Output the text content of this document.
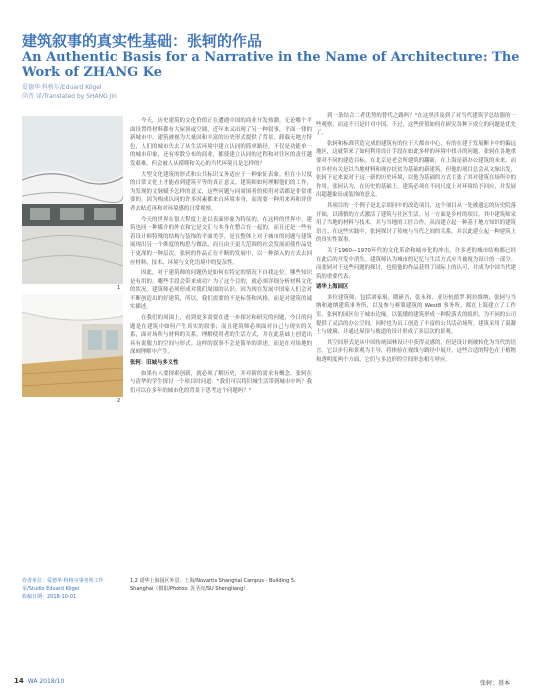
建筑叙事的真实性基础：张轲的作品
An Authentic Basis for a Narrative in the Name of Architecture: The Work of ZHANG Ke
爱德华·科格尔/Eduard Kögel
尚晋 译/Translated by SHANG Jin
1
2

今天，历史建筑的文化价值正在遭遇中国的商业开发热潮。无论哪个平面设置得材料都有大屋顶或空调，近年来又出现了另一种叙事，平面一律的新城市中，建筑被视为大量国和丰富的历史形式提供了背景。卸载无地方特色，人们的城市失去了从生活环境中建立认同的简单路径。不仅是功能单一的城市印象，还有零散分布的商业，都使建立认同的过程和对往区的责任越发艰难。但会被人从摸爬和关心的当代环境且是怎样的？

大型文化建筑的形式和公共标识义务适应于一种象征表象。但在小尺度的日常文化上才能看到建筑平等的真正意义。建筑师如何理解他们的工作，为发现的文脉赋予怎样的意义，这些问题与同周围者的使用对话都是非常重要的。因为构成认同的许多因素都来自环境本身，而需要一种用来再和评价者去贴近再和对环境感的日常观察。

今天的世界在很大程度上是以表面形象为特征的，在这样的世界中，建筑也同一种媒介的外衣和它是交汇与本身在整合在一起的，而且还是一些有着设计师特殊的结构与装饰的平面美学，是在整体上对于城市的问题与建筑展现出另一个维度的构思与做法，而且由于更大范围的社会发展而使作品处于更深的一种层次。张轲的作品正在不断的发展中，以一种深入的方式去回应材料、技术、环境与文化语境中的复杂性。

因此，对于建筑师的问题仍是如何在特定的情况下自我定位。哪些知识是有用的，哪些手段会带来成功？为了这个目的，就必须详细分析材料文化的状况。建筑师必须形成对我们周围的认识。因为现在发展中国家人们会对不断创造出的好建筑，所以，我们需要的不是标签和风格，而是对建筑的诚实描述。

在我们的周围上，看到更多需要在进一步探讨和研究的问题，今日的问题是在建筑中如何产生真实的叙事；而且建筑师必须面对自己与现实的关系，面对场所与材料的关系，理解使用者的生活方式，并在此基础上创造出具有说服力的空间与形式。这样的叙事不会是简单的讲述，而是在对场地的深刻理解中产生。

张轲：旧城与多义性

如果有人要探索创新，就必须了解历史，并对新的需求有概念。张轲在与清华的学生探讨一个项目时问道："我们可以将旧城生活带到城市中吗？我们可以在多年的城市化的背景下思考这个问题吗？"

到一条结合二者优势的替代之路吗？"在这里涉及到了对当代建筑学总结器的一些观察，而这不只是针对中国。不过，这些价值如何在研究各种下成立的问题是优先了。

张轲和标准营造完成的建筑有的位于大都市中心，有的在建于发展断卡中的偏远地区，这就带来了如何利用设计手段在如此多样的环境中找寻的问题。张轲在各地重要对不同的建造目标。在北京是老会所建筑的翻新，在上海是新办公建筑的未来，而在乡村有关是以当地材料和现存扶贫为基础的新建筑。但他的项目总会从文脉出发，张轲下定来说对于这一新的历史环境，以他为基础的方式主张了其对建筑在场所中的作用。张轲认为，在历史的基础上，建筑必须在不同尺度上对环境给予回应，并发展出超越象征或装饰的意义。

其项目的一个例子是北京胡同中的改造项目，这个项目从一处被遗忘的历史院落开始，以谨慎的方式激活了建筑与社区生活。另一方面是乡村的项目，其中建筑师采用了当地的材料与技术，并与当地的工匠合作，从而建立起一种基于地方知识的建筑语言。在这些实践中，张轲探讨了传统与当代之间的关系，并以此建立起一种建筑上的真实性叙事。

关于1960—1970年代的文化革命和城市化的冲击，许多老的城市结构都已经在此后的开发中消失。建筑师认为城市的记忆与生活方式应当被视为设计的一部分。而张轲对于这些问题的探讨，也使他的作品获得了国际上的认可，并成为中国当代建筑的重要代表。

诸华上海园区

多位建筑师，包括刘家琨、隈研吾、张永和、亚历杭德罗·阿拉维纳、张轲与当纳和迪纳建筑事务所，以及参与赛策建筑的 West8 事务所，都在上海建立了工作室。张轲的园区位于城市边缘，以低矮的建筑形成一种院落式的组织，为不同的公司提供了灵活的办公空间，同时也为员工创造了丰富的公共活动场所。建筑采用了混凝土与玻璃，并通过屋顶与坡道的设计形成了多层次的景观。

其空间形式是从中国传统园林设计中获得灵感的，但是设计则被转化为当代的语言。它以步行和景观为主导，将体验在视线与路径中展开。这些合适的特色在于植物和透明度两个方面，它们与多边形的空间形态相互呼应。

作者单位：爱德华·科格尔事务所工作室/Studio Eduard Kögel
收稿日期：2018-10-01
1,2 诺华上海园区外景，上海/Novartis Shanghai Campus - Building 5, Shanghai（摄影/Photos: 苏圣亮/SU Shengliang）
14 WA 2018/10	张轲：基本
